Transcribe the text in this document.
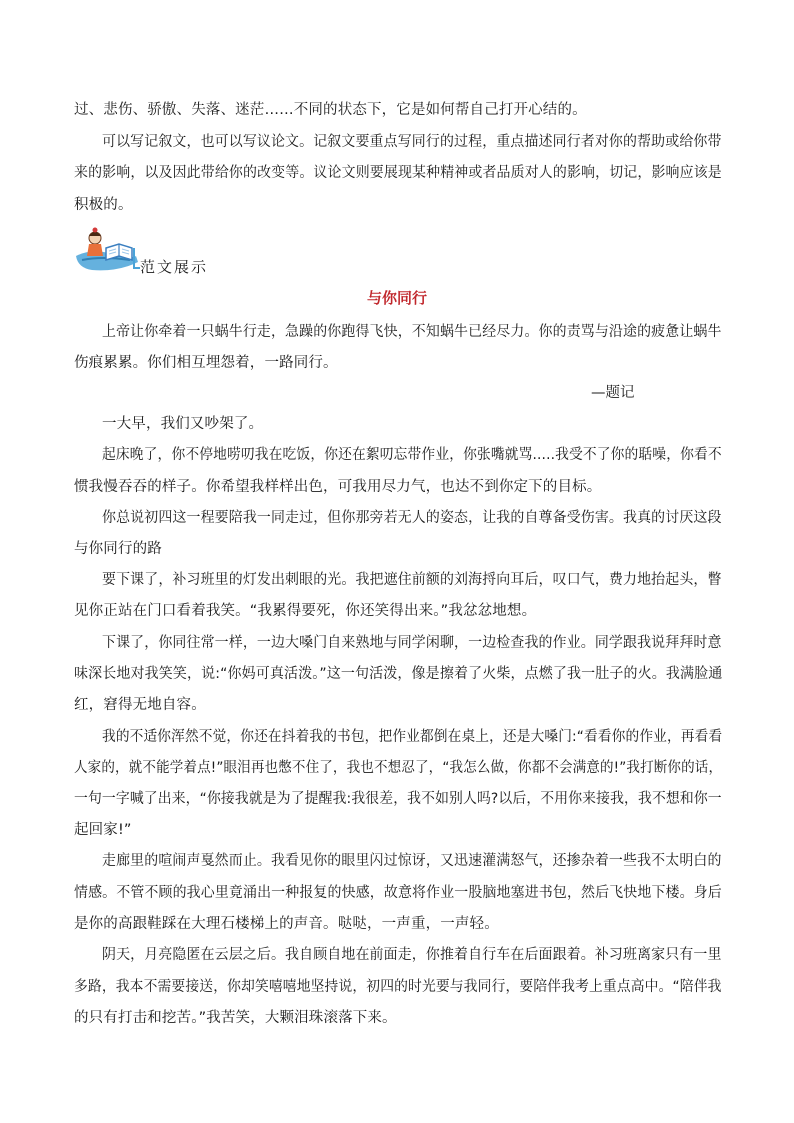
过、悲伤、骄傲、失落、迷茫……不同的状态下，它是如何帮自己打开心结的。
可以写记叙文，也可以写议论文。记叙文要重点写同行的过程，重点描述同行者对你的帮助或给你带
来的影响，以及因此带给你的改变等。议论文则要展现某种精神或者品质对人的影响，切记，影响应该是
积极的。
范文展示
与你同行
上帝让你牵着一只蜗牛行走，急躁的你跑得飞快，不知蜗牛已经尽力。你的责骂与沿途的疲惫让蜗牛
伤痕累累。你们相互埋怨着，一路同行。
—题记
一大早，我们又吵架了。
起床晚了，你不停地唠叨我在吃饭，你还在絮叨忘带作业，你张嘴就骂.....我受不了你的聒噪，你看不
惯我慢吞吞的样子。你希望我样样出色，可我用尽力气，也达不到你定下的目标。
你总说初四这一程要陪我一同走过，但你那旁若无人的姿态，让我的自尊备受伤害。我真的讨厌这段
与你同行的路
要下课了，补习班里的灯发出刺眼的光。我把遮住前额的刘海捋向耳后，叹口气，费力地抬起头，瞥
见你正站在门口看着我笑。“我累得要死，你还笑得出来。”我忿忿地想。
下课了，你同往常一样，一边大嗓门自来熟地与同学闲聊，一边检查我的作业。同学跟我说拜拜时意
味深长地对我笑笑，说:“你妈可真活泼。”这一句活泼，像是擦着了火柴，点燃了我一肚子的火。我满脸通
红，窘得无地自容。
我的不适你浑然不觉，你还在抖着我的书包，把作业都倒在桌上，还是大嗓门:“看看你的作业，再看看
人家的，就不能学着点!”眼泪再也憋不住了，我也不想忍了，“我怎么做，你都不会满意的!”我打断你的话，
一句一字喊了出来，“你接我就是为了提醒我:我很差，我不如别人吗?以后，不用你来接我，我不想和你一
起回家!”
走廊里的喧闹声戛然而止。我看见你的眼里闪过惊讶，又迅速灌满怒气，还掺杂着一些我不太明白的
情感。不管不顾的我心里竟涌出一种报复的快感，故意将作业一股脑地塞进书包，然后飞快地下楼。身后
是你的高跟鞋踩在大理石楼梯上的声音。哒哒，一声重，一声轻。
阴天，月亮隐匿在云层之后。我自顾自地在前面走，你推着自行车在后面跟着。补习班离家只有一里
多路，我本不需要接送，你却笑嘻嘻地坚持说，初四的时光要与我同行，要陪伴我考上重点高中。“陪伴我
的只有打击和挖苦。”我苦笑，大颗泪珠滚落下来。
